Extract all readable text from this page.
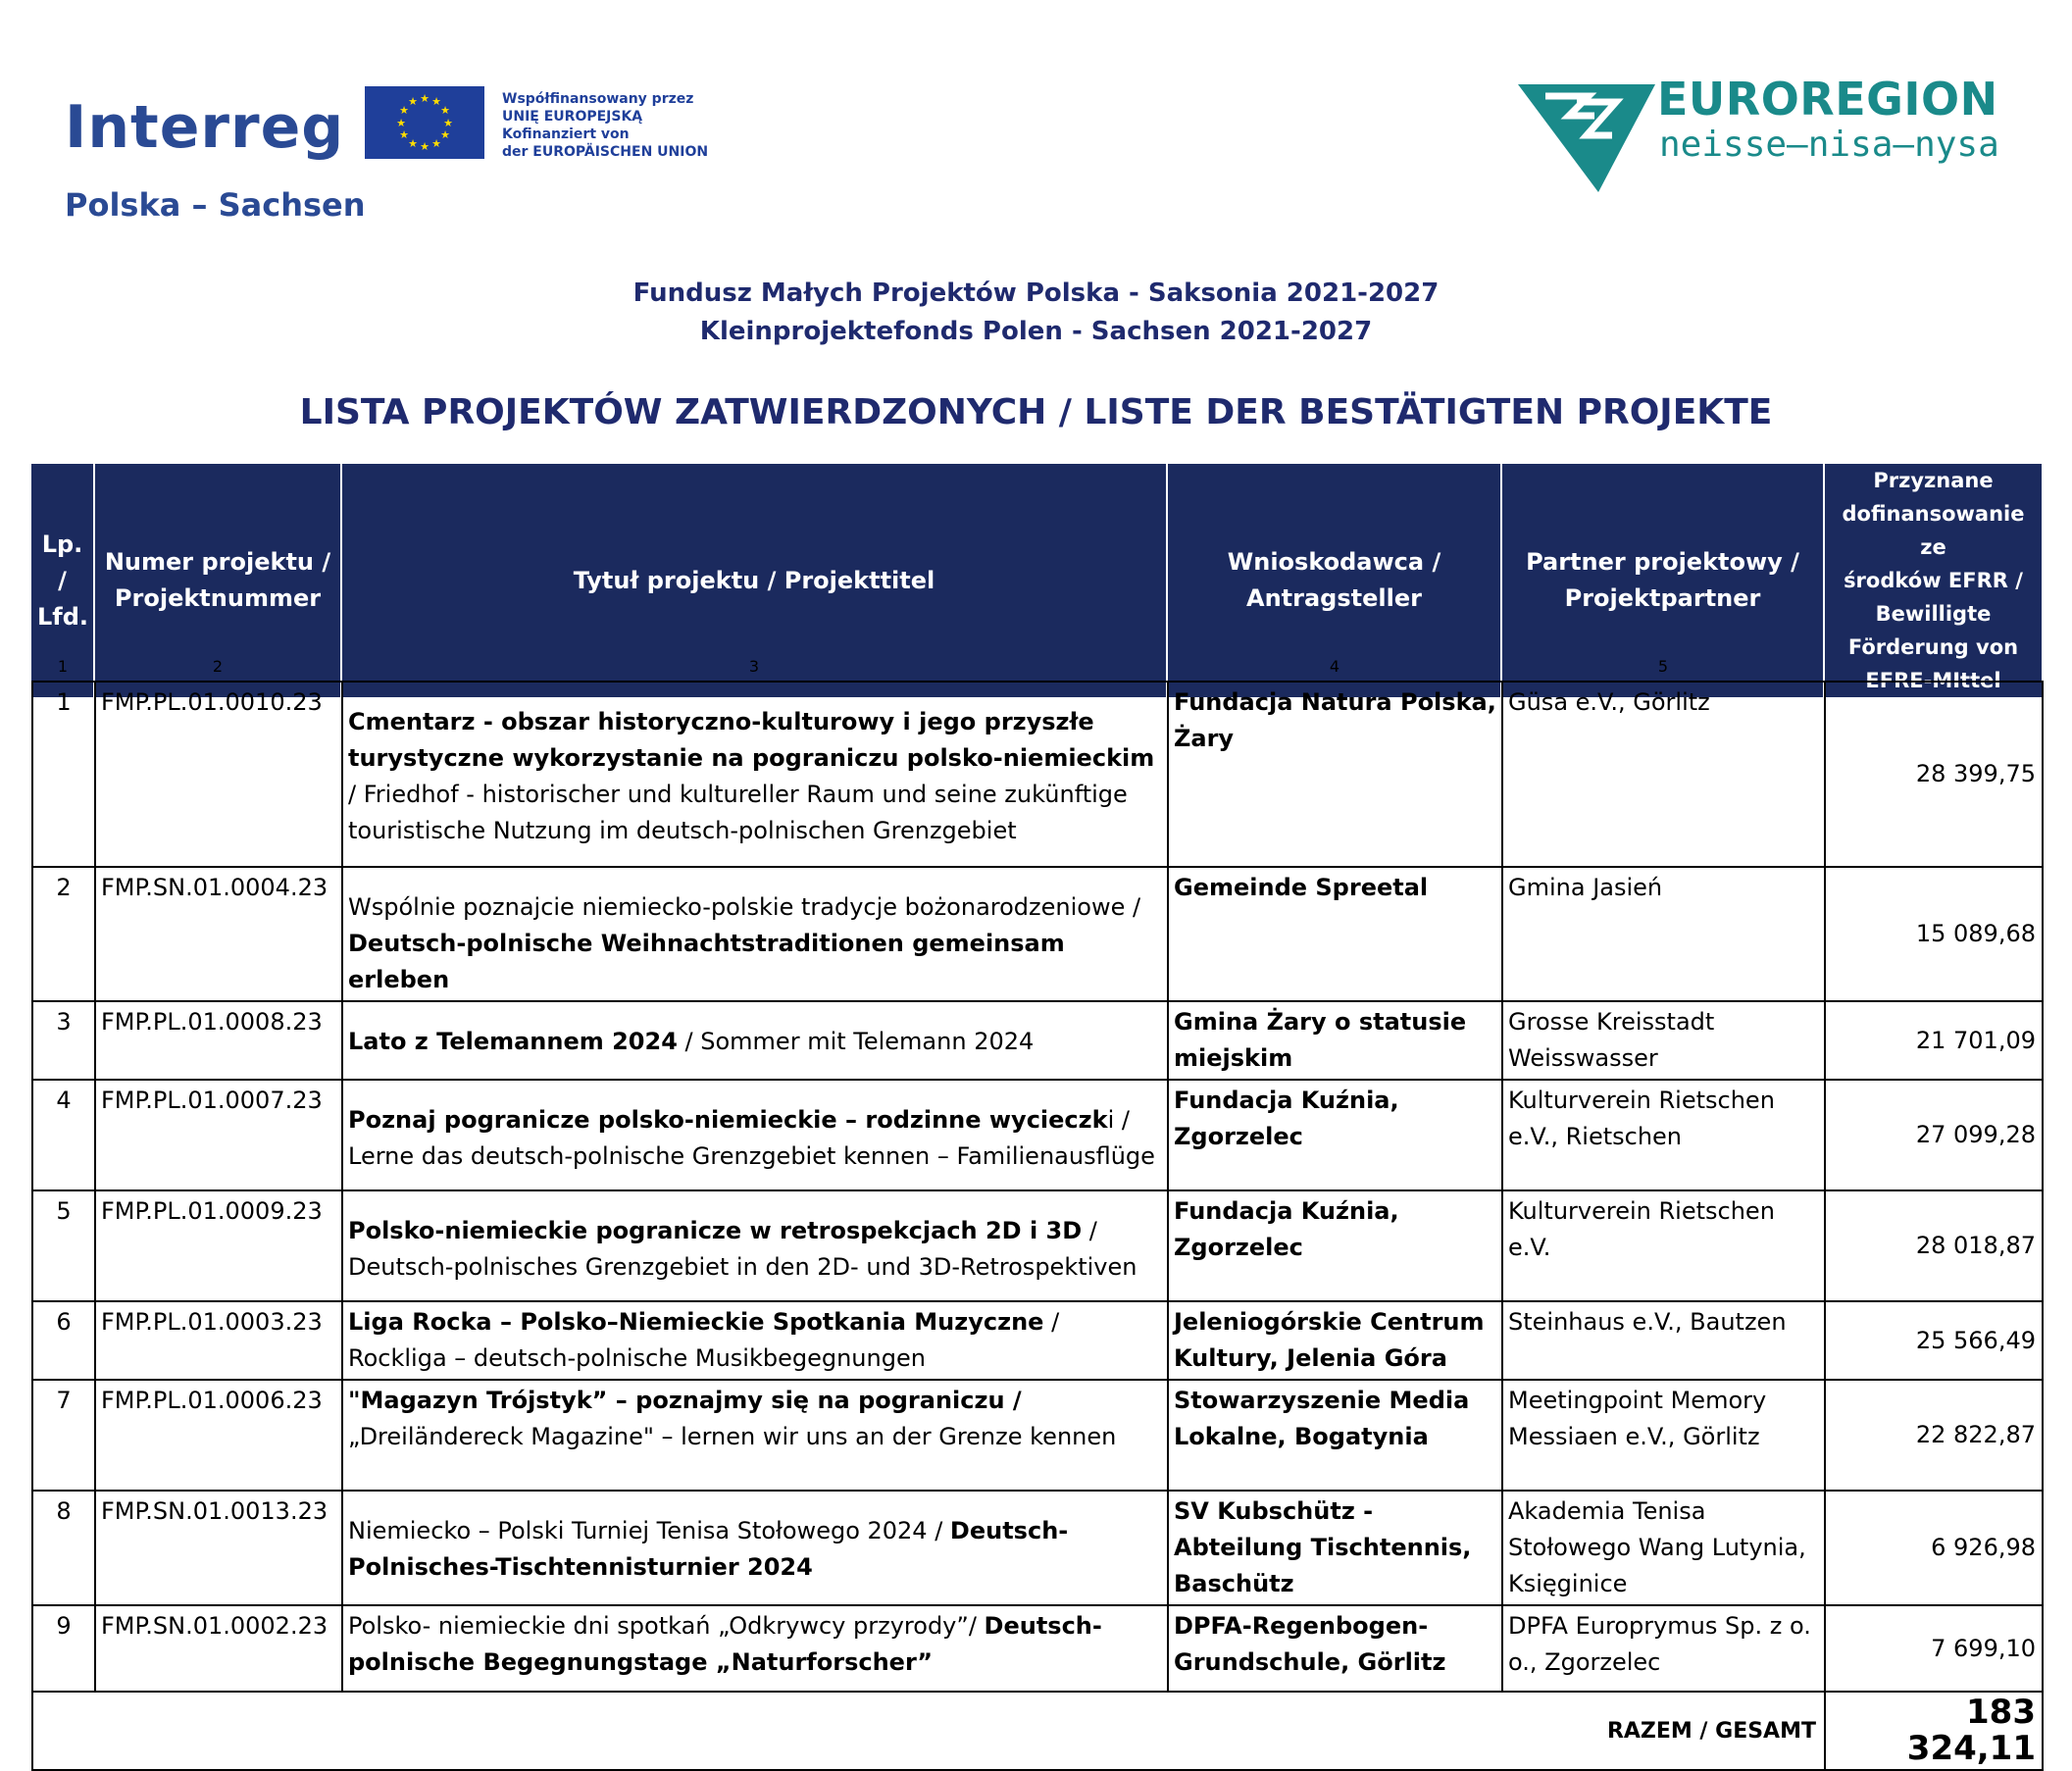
Interreg
Polska – Sachsen
★ ★
★
★
★
★
★
★
★
★
★
★	Współfinansowany przez
UNIĘ EUROPEJSKĄ
Kofinanziert von
der EUROPÄISCHEN UNION
EUROREGION
neisse–nisa–nysa
Fundusz Małych Projektów Polska - Saksonia 2021-2027
Kleinprojektefonds Polen - Sachsen 2021-2027
LISTA PROJEKTÓW ZATWIERDZONYCH / LISTE DER BESTÄTIGTEN PROJEKTE
Lp.
/
Lfd.

Numer projektu /
Projektnummer

Tytuł projektu / Projekttitel

Wnioskodawca /
Antragsteller

Partner projektowy /
Projektpartner

Przyznane
dofinansowanie ze
środków EFRR /
Bewilligte
Förderung von
EFRE-MIttel
1	2	3	4	5
1	FMP.PL.01.0010.23	Cmentarz - obszar historyczno-kulturowy i jego przyszłe turystyczne wykorzystanie na pograniczu polsko-niemieckim / Friedhof - historischer und kultureller Raum und seine zukünftige touristische Nutzung im deutsch-polnischen Grenzgebiet	Fundacja Natura Polska, Żary	Güsa e.V., Görlitz	28 399,75
2	FMP.SN.01.0004.23	Wspólnie poznajcie niemiecko-polskie tradycje bożonarodzeniowe / Deutsch-polnische Weihnachtstraditionen gemeinsam erleben	Gemeinde Spreetal	Gmina Jasień	15 089,68
3	FMP.PL.01.0008.23	Lato z Telemannem 2024 / Sommer mit Telemann 2024	Gmina Żary o statusie miejskim	Grosse Kreisstadt Weisswasser	21 701,09
4	FMP.PL.01.0007.23	Poznaj pogranicze polsko-niemieckie – rodzinne wycieczki / Lerne das deutsch-polnische Grenzgebiet kennen – Familienausflüge	Fundacja Kuźnia, Zgorzelec	Kulturverein Rietschen e.V., Rietschen	27 099,28
5	FMP.PL.01.0009.23	Polsko-niemieckie pogranicze w retrospekcjach 2D i 3D / Deutsch-polnisches Grenzgebiet in den 2D- und 3D-Retrospektiven	Fundacja Kuźnia, Zgorzelec	Kulturverein Rietschen e.V.	28 018,87
6	FMP.PL.01.0003.23	Liga Rocka – Polsko–Niemieckie Spotkania Muzyczne / Rockliga – deutsch-polnische Musikbegegnungen	Jeleniogórskie Centrum Kultury, Jelenia Góra	Steinhaus e.V., Bautzen	25 566,49
7	FMP.PL.01.0006.23	"Magazyn Trójstyk” – poznajmy się na pograniczu / „Dreiländereck Magazine" – lernen wir uns an der Grenze kennen	Stowarzyszenie Media Lokalne, Bogatynia	Meetingpoint Memory Messiaen e.V., Görlitz	22 822,87
8	FMP.SN.01.0013.23	Niemiecko – Polski Turniej Tenisa Stołowego 2024 / Deutsch-Polnisches-Tischtennisturnier 2024	SV Kubschütz - Abteilung Tischtennis, Baschütz	Akademia Tenisa Stołowego Wang Lutynia, Księginice	6 926,98
9	FMP.SN.01.0002.23	Polsko- niemieckie dni spotkań „Odkrywcy przyrody”/ Deutsch-polnische Begegnungstage „Naturforscher”	DPFA-Regenbogen-Grundschule, Görlitz	DPFA Europrymus Sp. z o. o., Zgorzelec	7 699,10
RAZEM / GESAMT					183 324,11
